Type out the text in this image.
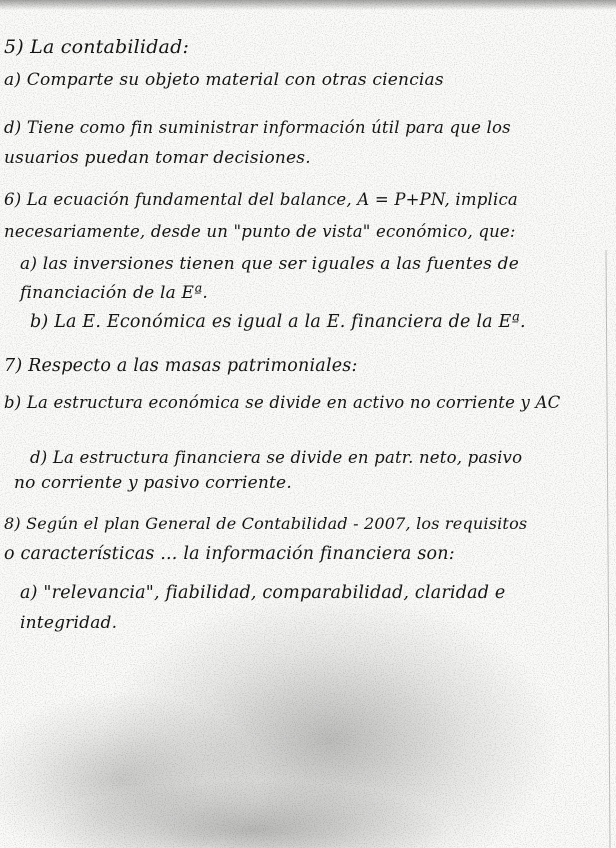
5) La contabilidad:
a) Comparte su objeto material con otras ciencias
d) Tiene como fin suministrar información útil para que los
usuarios puedan tomar decisiones.
6) La ecuación fundamental del balance, A = P+PN, implica
necesariamente, desde un "punto de vista" económico, que:
a) las inversiones tienen que ser iguales a las fuentes de
financiación de la Eª.
b) La E. Económica es igual a la E. financiera de la Eª.
7) Respecto a las masas patrimoniales:
b) La estructura económica se divide en activo no corriente y AC
d) La estructura financiera se divide en patr. neto, pasivo
no corriente y pasivo corriente.
8) Según el plan General de Contabilidad - 2007, los requisitos
o características ... la información financiera son:
a) "relevancia", fiabilidad, comparabilidad, claridad e
integridad.
